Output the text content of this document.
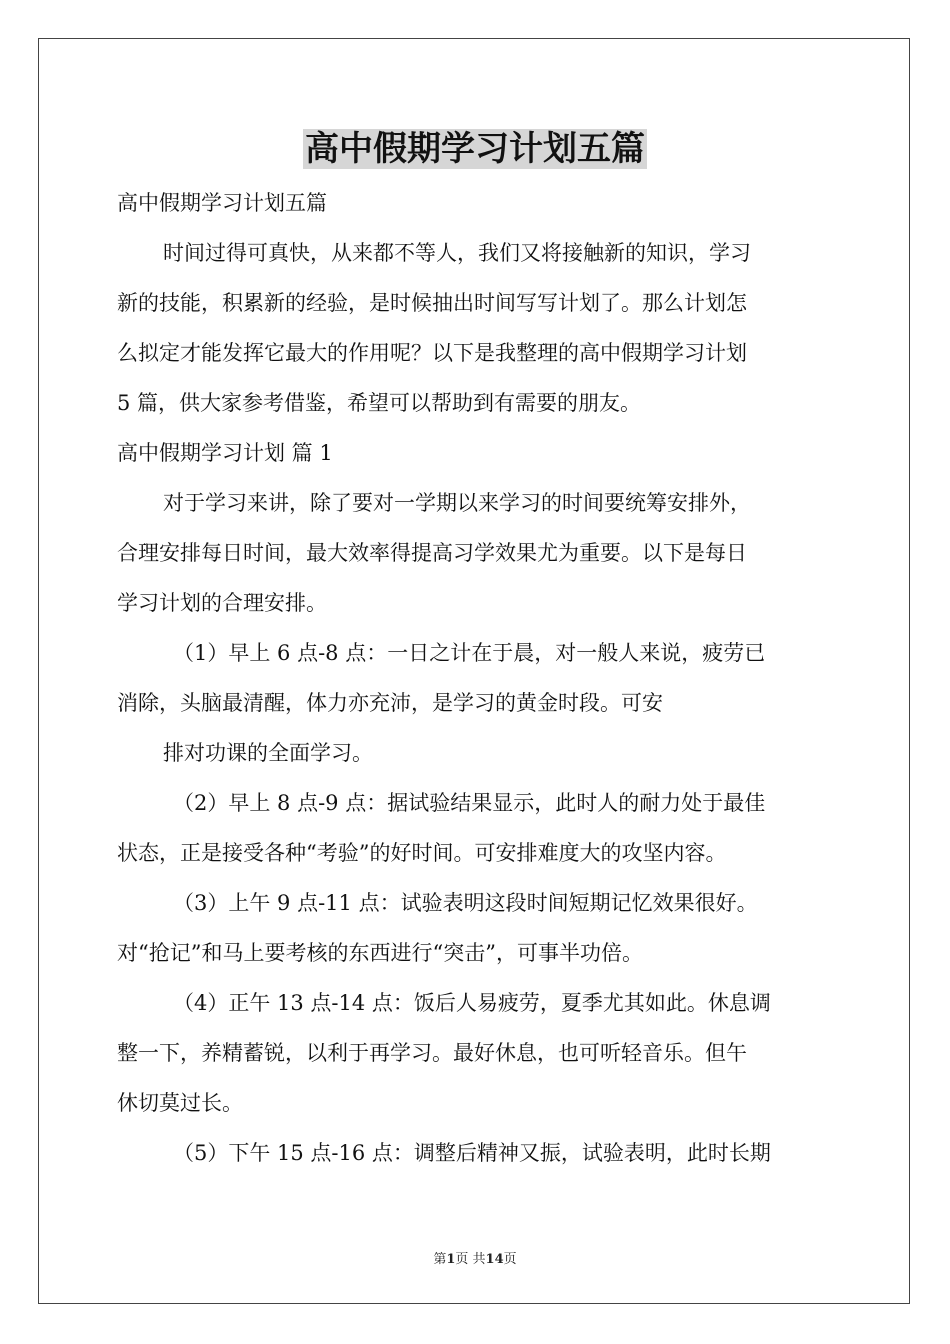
高中假期学习计划五篇
高中假期学习计划五篇
时间过得可真快，从来都不等人，我们又将接触新的知识，学习
新的技能，积累新的经验，是时候抽出时间写写计划了。那么计划怎
么拟定才能发挥它最大的作用呢？以下是我整理的高中假期学习计划
5 篇，供大家参考借鉴，希望可以帮助到有需要的朋友。
高中假期学习计划 篇 1
对于学习来讲，除了要对一学期以来学习的时间要统筹安排外，
合理安排每日时间，最大效率得提高习学效果尤为重要。以下是每日
学习计划的合理安排。
（1）早上 6 点-8 点：一日之计在于晨，对一般人来说，疲劳已
消除，头脑最清醒，体力亦充沛，是学习的黄金时段。可安
排对功课的全面学习。
（2）早上 8 点-9 点：据试验结果显示，此时人的耐力处于最佳
状态，正是接受各种“考验”的好时间。可安排难度大的攻坚内容。
（3）上午 9 点-11 点：试验表明这段时间短期记忆效果很好。
对“抢记”和马上要考核的东西进行“突击”，可事半功倍。
（4）正午 13 点-14 点：饭后人易疲劳，夏季尤其如此。休息调
整一下，养精蓄锐，以利于再学习。最好休息，也可听轻音乐。但午
休切莫过长。
（5）下午 15 点-16 点：调整后精神又振，试验表明，此时长期
第1页 共14页
